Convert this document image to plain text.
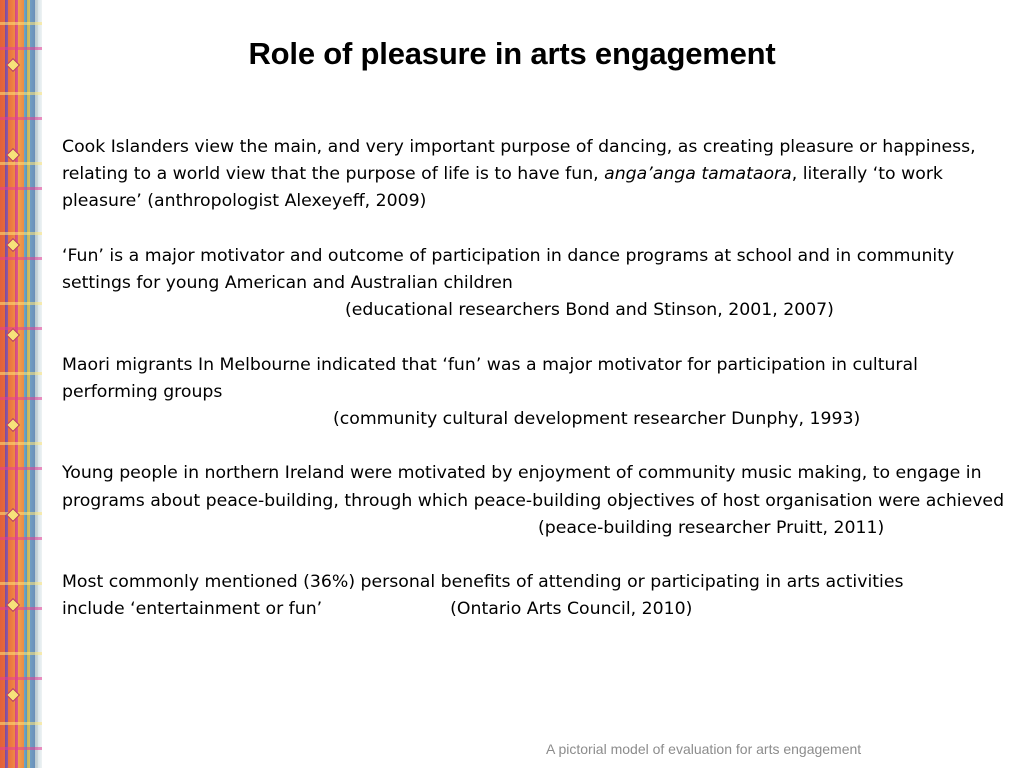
Role of pleasure in arts engagement

Cook Islanders view the main, and very important purpose of dancing, as creating pleasure or happiness, relating to a world view that the purpose of life is to have fun, anga’anga tamataora, literally ‘to work pleasure’ (anthropologist Alexeyeff, 2009)

‘Fun’ is a major motivator and outcome of participation in dance programs at school and in community settings for young American and Australian children
(educational researchers Bond and Stinson, 2001, 2007)

Maori migrants In Melbourne indicated that ‘fun’ was a major motivator for participation in cultural performing groups
(community cultural development researcher Dunphy, 1993)

Young people in northern Ireland were motivated by enjoyment of community music making, to engage in programs about peace-building, through which peace-building objectives of host organisation were achieved
(peace-building researcher Pruitt, 2011)

Most commonly mentioned (36%) personal benefits of attending or participating in arts activities
include ‘entertainment or fun’	(Ontario Arts Council, 2010)

A pictorial model of evaluation for arts engagement
